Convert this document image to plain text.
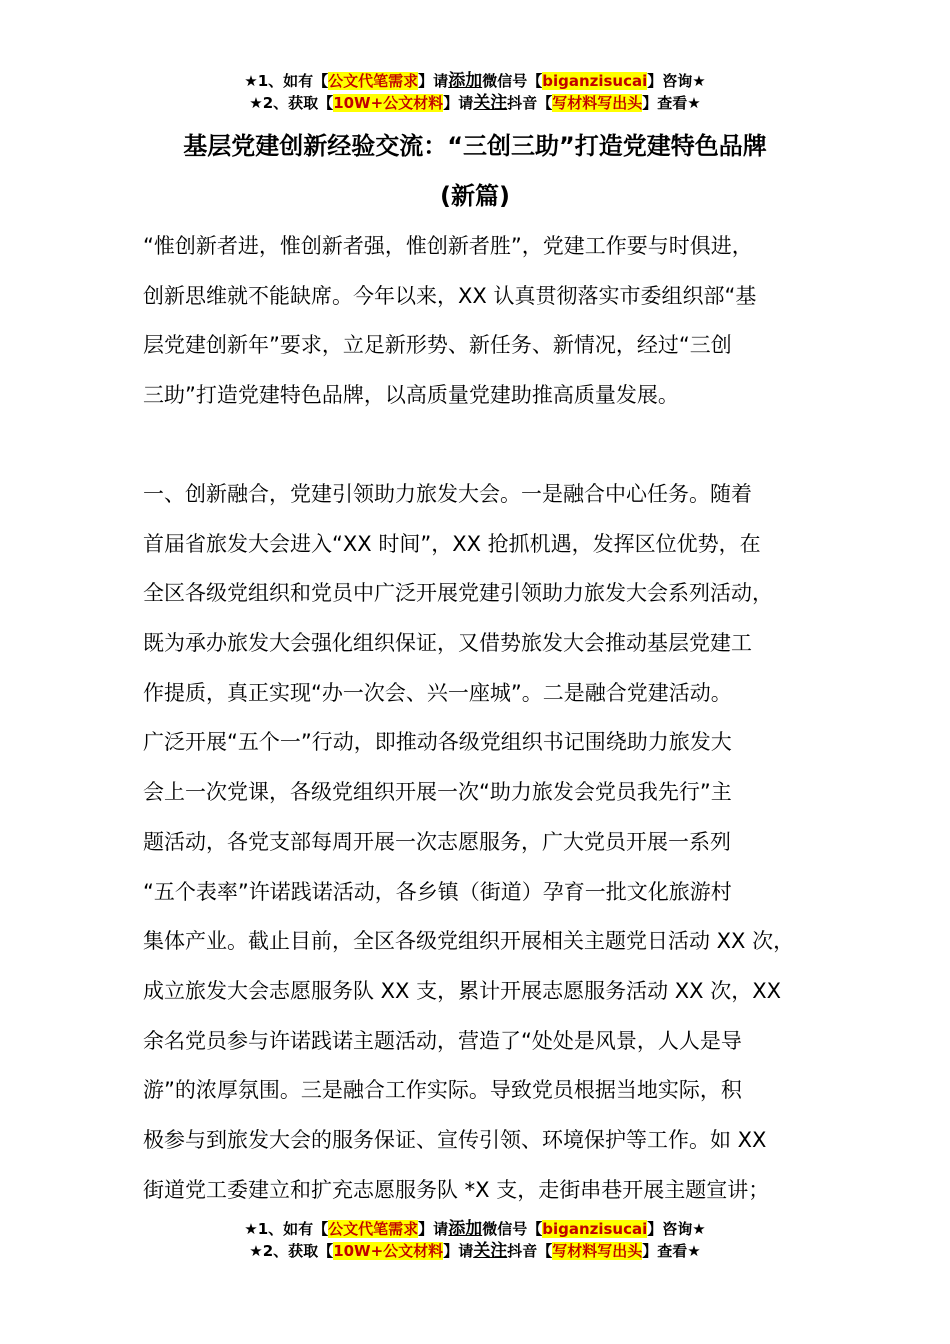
★1、如有【公文代笔需求】请添加微信号【biganzisucai】咨询★
★2、获取【10W+公文材料】请关注抖音【写材料写出头】查看★
基层党建创新经验交流：“三创三助”打造党建特色品牌
(新篇)
“惟创新者进，惟创新者强，惟创新者胜”，党建工作要与时俱进，
创新思维就不能缺席。今年以来，XX 认真贯彻落实市委组织部“基
层党建创新年”要求，立足新形势、新任务、新情况，经过“三创
三助”打造党建特色品牌，以高质量党建助推高质量发展。
一、创新融合，党建引领助力旅发大会。一是融合中心任务。随着
首届省旅发大会进入“XX 时间”，XX 抢抓机遇，发挥区位优势，在
全区各级党组织和党员中广泛开展党建引领助力旅发大会系列活动，
既为承办旅发大会强化组织保证，又借势旅发大会推动基层党建工
作提质，真正实现“办一次会、兴一座城”。二是融合党建活动。
广泛开展“五个一”行动，即推动各级党组织书记围绕助力旅发大
会上一次党课，各级党组织开展一次“助力旅发会党员我先行”主
题活动，各党支部每周开展一次志愿服务，广大党员开展一系列
“五个表率”许诺践诺活动，各乡镇（街道）孕育一批文化旅游村
集体产业。截止目前，全区各级党组织开展相关主题党日活动 XX 次，
成立旅发大会志愿服务队 XX 支，累计开展志愿服务活动 XX 次，XX
余名党员参与许诺践诺主题活动，营造了“处处是风景，人人是导
游”的浓厚氛围。三是融合工作实际。导致党员根据当地实际，积
极参与到旅发大会的服务保证、宣传引领、环境保护等工作。如 XX
街道党工委建立和扩充志愿服务队 *X 支，走街串巷开展主题宣讲；
★1、如有【公文代笔需求】请添加微信号【biganzisucai】咨询★
★2、获取【10W+公文材料】请关注抖音【写材料写出头】查看★
